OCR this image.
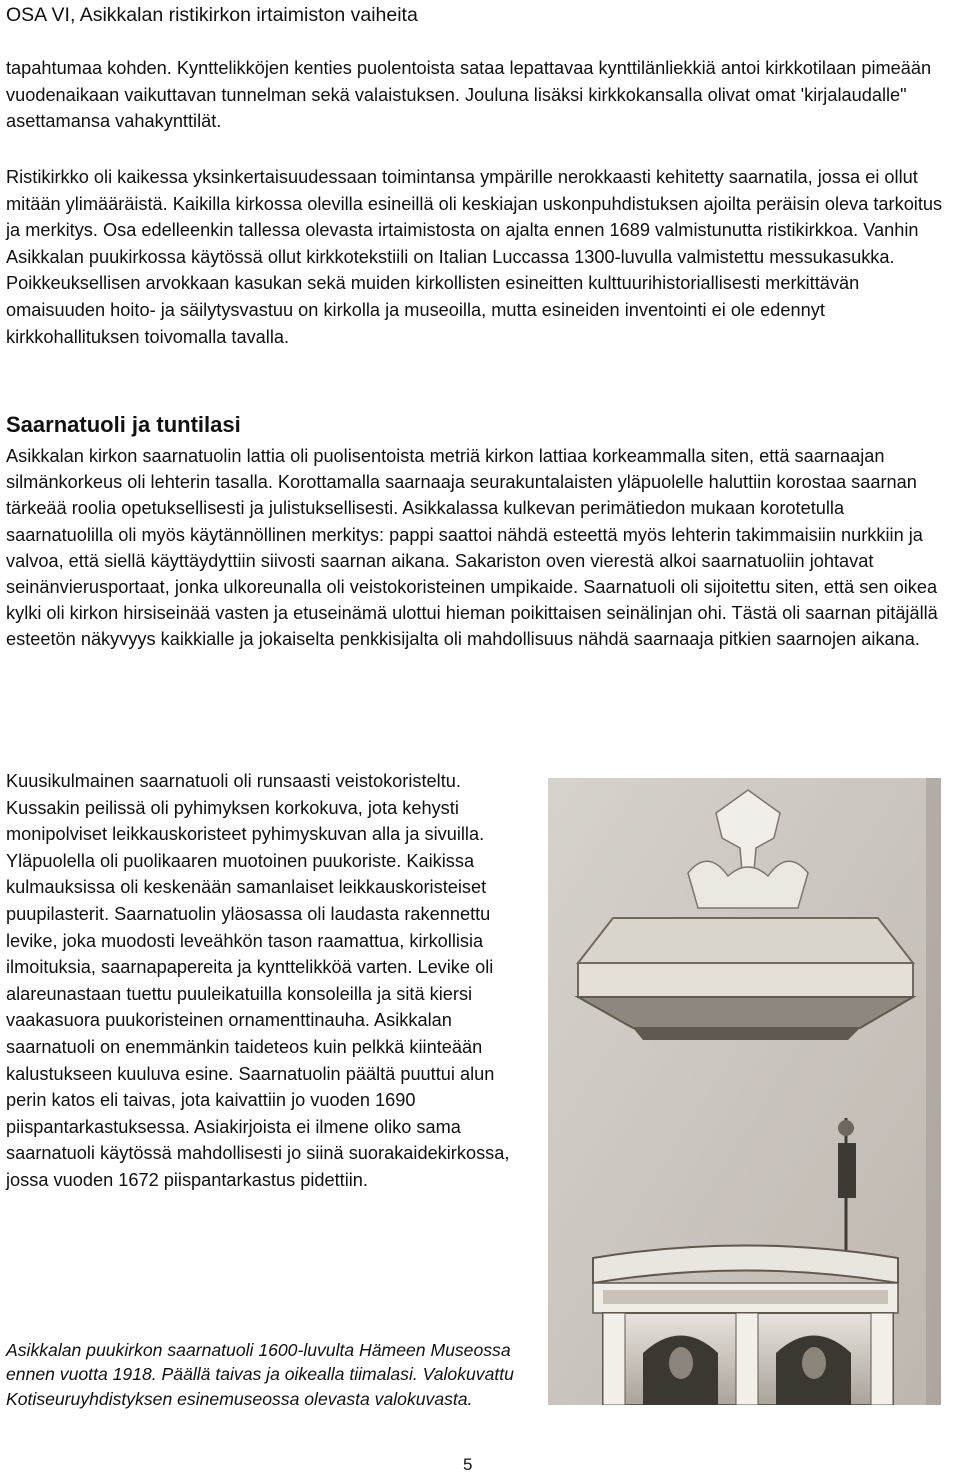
OSA VI, Asikkalan ristikirkon irtaimiston vaiheita

tapahtumaa kohden. Kynttelikköjen kenties puolentoista sataa lepattavaa kynttilänliekkiä antoi kirkkotilaan pimeään vuodenaikaan vaikuttavan tunnelman sekä valaistuksen. Jouluna lisäksi kirkkokansalla olivat omat 'kirjalaudalle" asettamansa vahakynttilät.

Ristikirkko oli kaikessa yksinkertaisuudessaan toimintansa ympärille nerokkaasti kehitetty saarnatila, jossa ei ollut mitään ylimääräistä. Kaikilla kirkossa olevilla esineillä oli keskiajan uskonpuhdistuksen ajoilta peräisin oleva tarkoitus ja merkitys. Osa edelleenkin tallessa olevasta irtaimistosta on ajalta ennen 1689 valmistunutta ristikirkkoa. Vanhin Asikkalan puukirkossa käytössä ollut kirkkotekstiili on Italian Luccassa 1300-luvulla valmistettu messukasukka. Poikkeuksellisen arvokkaan kasukan sekä muiden kirkollisten esineitten kulttuurihistoriallisesti merkittävän omaisuuden hoito- ja säilytysvastuu on kirkolla ja museoilla, mutta esineiden inventointi ei ole edennyt kirkkohallituksen toivomalla tavalla.

Saarnatuoli ja tuntilasi

Asikkalan kirkon saarnatuolin lattia oli puolisentoista metriä kirkon lattiaa korkeammalla siten, että saarnaajan silmänkorkeus oli lehterin tasalla. Korottamalla saarnaaja seurakuntalaisten yläpuolelle haluttiin korostaa saarnan tärkeää roolia opetuksellisesti ja julistuksellisesti. Asikkalassa kulkevan perimätiedon mukaan korotetulla saarnatuolilla oli myös käytännöllinen merkitys: pappi saattoi nähdä esteettä myös lehterin takimmaisiin nurkkiin ja valvoa, että siellä käyttäydyttiin siivosti saarnan aikana. Sakariston oven vierestä alkoi saarnatuoliin johtavat seinänvierusportaat, jonka ulkoreunalla oli veistokoristeinen umpikaide. Saarnatuoli oli sijoitettu siten, että sen oikea kylki oli kirkon hirsiseinää vasten ja etuseinämä ulottui hieman poikittaisen seinälinjan ohi. Tästä oli saarnan pitäjällä esteetön näkyvyys kaikkialle ja jokaiselta penkkisijalta oli mahdollisuus nähdä saarnaaja pitkien saarnojen aikana.

Kuusikulmainen saarnatuoli oli runsaasti veistokoristeltu. Kussakin peilissä oli pyhimyksen korkokuva, jota kehysti monipolviset leikkauskoristeet pyhimyskuvan alla ja sivuilla. Yläpuolella oli puolikaaren muotoinen puukoriste. Kaikissa kulmauksissa oli keskenään samanlaiset leikkauskoristeiset puupilasterit. Saarnatuolin yläosassa oli laudasta rakennettu levike, joka muodosti leveähkön tason raamattua, kirkollisia ilmoituksia, saarnapapereita ja kynttelikköä varten. Levike oli alareunastaan tuettu puuleikatuilla konsoleilla ja sitä kiersi vaakasuora puukoristeinen ornamenttinauha. Asikkalan saarnatuoli on enemmänkin taideteos kuin pelkkä kiinteään kalustukseen kuuluva esine. Saarnatuolin päältä puuttui alun perin katos eli taivas, jota kaivattiin jo vuoden 1690 piispantarkastuksessa. Asiakirjoista ei ilmene oliko sama saarnatuoli käytössä mahdollisesti jo siinä suorakaidekirkossa, jossa vuoden 1672 piispantarkastus pidettiin.

Asikkalan puukirkon saarnatuoli 1600-luvulta Hämeen Museossa ennen vuotta 1918. Päällä taivas ja oikealla tiimalasi. Valokuvattu Kotiseuruyhdistyksen esinemuseossa olevasta valokuvasta.

5
